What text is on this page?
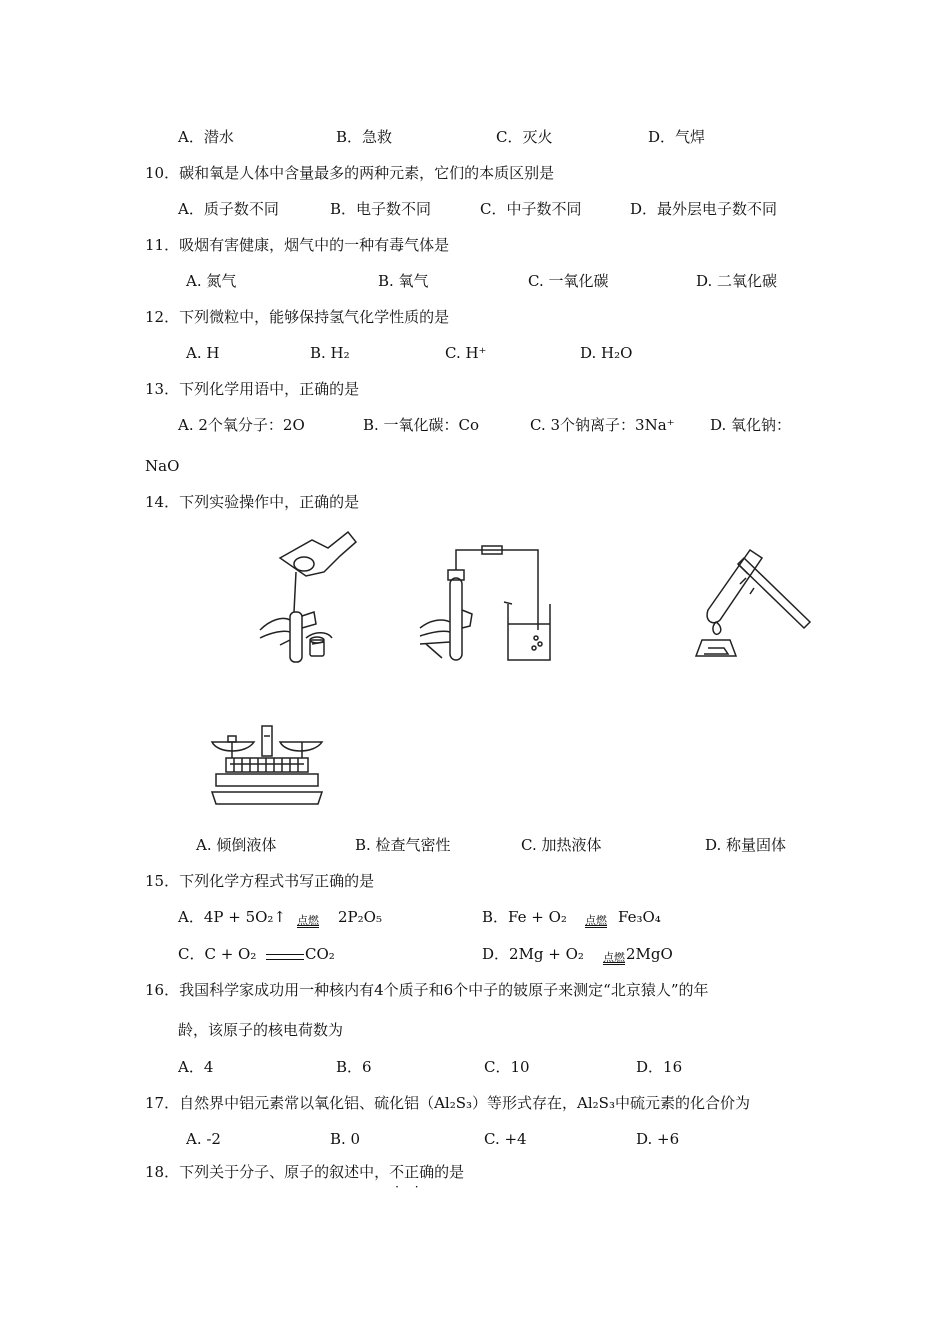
A．潜水	B．急救	C．灭火	D．气焊
10．碳和氧是人体中含量最多的两种元素，它们的本质区别是
A．质子数不同	B．电子数不同	C．中子数不同	D．最外层电子数不同
11．吸烟有害健康，烟气中的一种有毒气体是
A. 氮气	B. 氧气	C. 一氧化碳	D. 二氧化碳
12．下列微粒中，能够保持氢气化学性质的是
A. H	B. H₂	C. H⁺	D. H₂O
13．下列化学用语中，正确的是
A. 2个氧分子：2O	B. 一氧化碳：Co	C. 3个钠离子：3Na⁺ D. 氧化钠：
NaO
14．下列实验操作中，正确的是
A. 倾倒液体	B. 检查气密性	C. 加热液体	D. 称量固体
15．下列化学方程式书写正确的是
A．4P + 5O₂↑	点燃	2P₂O₅	B．Fe + O₂	点燃 Fe₃O₄
C．C + O₂	CO₂	D．2Mg + O₂	点燃 2MgO
16．我国科学家成功用一种核内有4个质子和6个中子的铍原子来测定“北京猿人”的年
龄，该原子的核电荷数为
A．4	B．6	C．10	D．16
17．自然界中铝元素常以氧化铝、硫化铝（Al₂S₃）等形式存在，Al₂S₃中硫元素的化合价为
A. -2	B. 0	C. +4	D. +6
18．下列关于分子、原子的叙述中，不正确 · ·的是
